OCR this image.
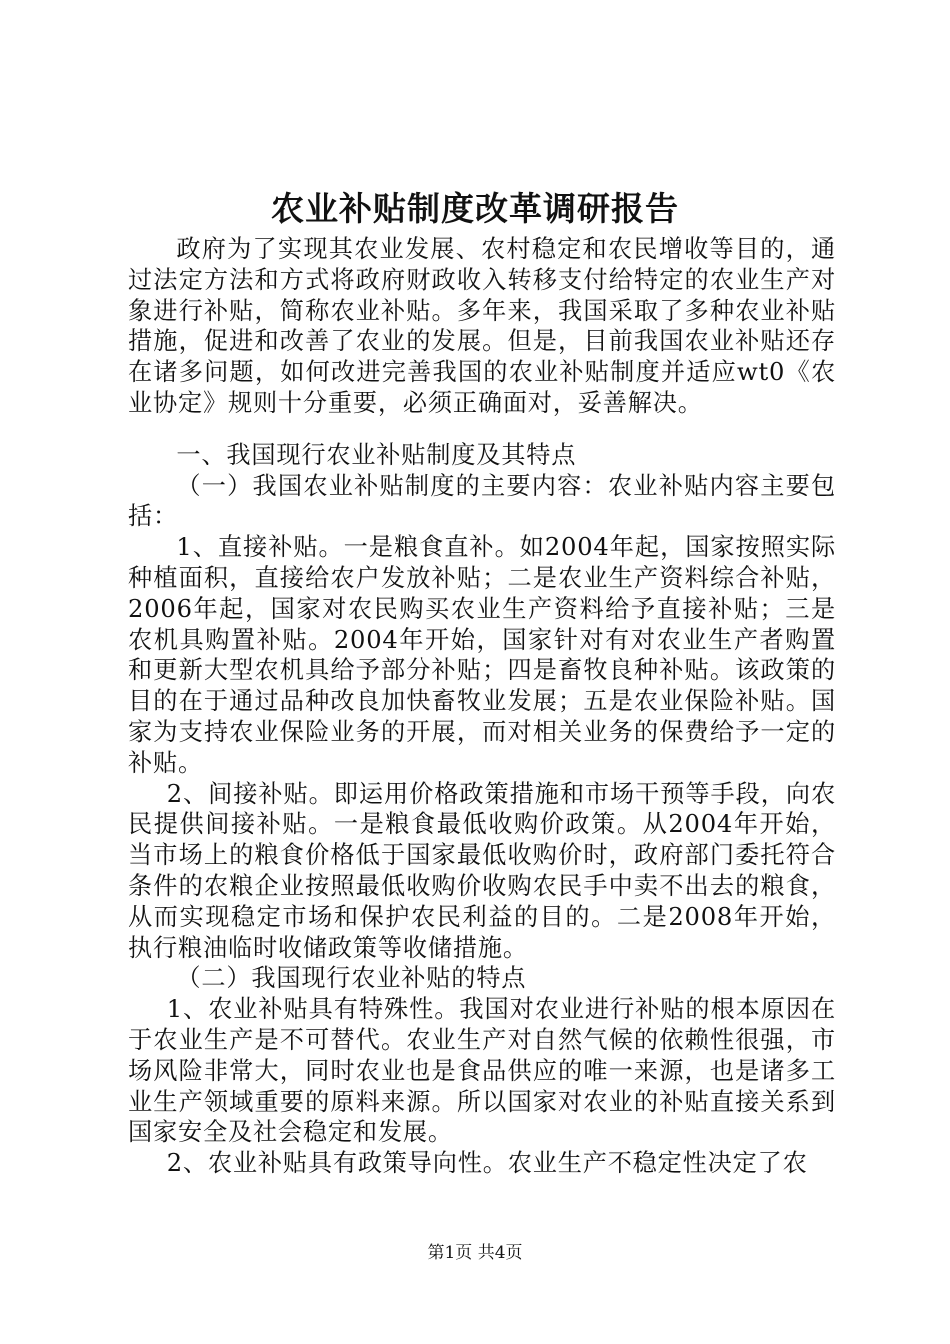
农业补贴制度改革调研报告

政府为了实现其农业发展、农村稳定和农民增收等目的，通过法定方法和方式将政府财政收入转移支付给特定的农业生产对象进行补贴，简称农业补贴。多年来，我国采取了多种农业补贴措施，促进和改善了农业的发展。但是，目前我国农业补贴还存在诸多问题，如何改进完善我国的农业补贴制度并适应wt0《农业协定》规则十分重要，必须正确面对，妥善解决。

一、我国现行农业补贴制度及其特点

（一）我国农业补贴制度的主要内容：农业补贴内容主要包括：

1、直接补贴。一是粮食直补。如2004年起，国家按照实际种植面积，直接给农户发放补贴；二是农业生产资料综合补贴，2006年起，国家对农民购买农业生产资料给予直接补贴；三是农机具购置补贴。2004年开始，国家针对有对农业生产者购置和更新大型农机具给予部分补贴；四是畜牧良种补贴。该政策的目的在于通过品种改良加快畜牧业发展；五是农业保险补贴。国家为支持农业保险业务的开展，而对相关业务的保费给予一定的补贴。

2、间接补贴。即运用价格政策措施和市场干预等手段，向农民提供间接补贴。一是粮食最低收购价政策。从2004年开始，当市场上的粮食价格低于国家最低收购价时，政府部门委托符合条件的农粮企业按照最低收购价收购农民手中卖不出去的粮食，从而实现稳定市场和保护农民利益的目的。二是2008年开始，执行粮油临时收储政策等收储措施。

（二）我国现行农业补贴的特点

1、农业补贴具有特殊性。我国对农业进行补贴的根本原因在于农业生产是不可替代。农业生产对自然气候的依赖性很强，市场风险非常大，同时农业也是食品供应的唯一来源，也是诸多工业生产领域重要的原料来源。所以国家对农业的补贴直接关系到国家安全及社会稳定和发展。

2、农业补贴具有政策导向性。农业生产不稳定性决定了农

第1页 共4页
